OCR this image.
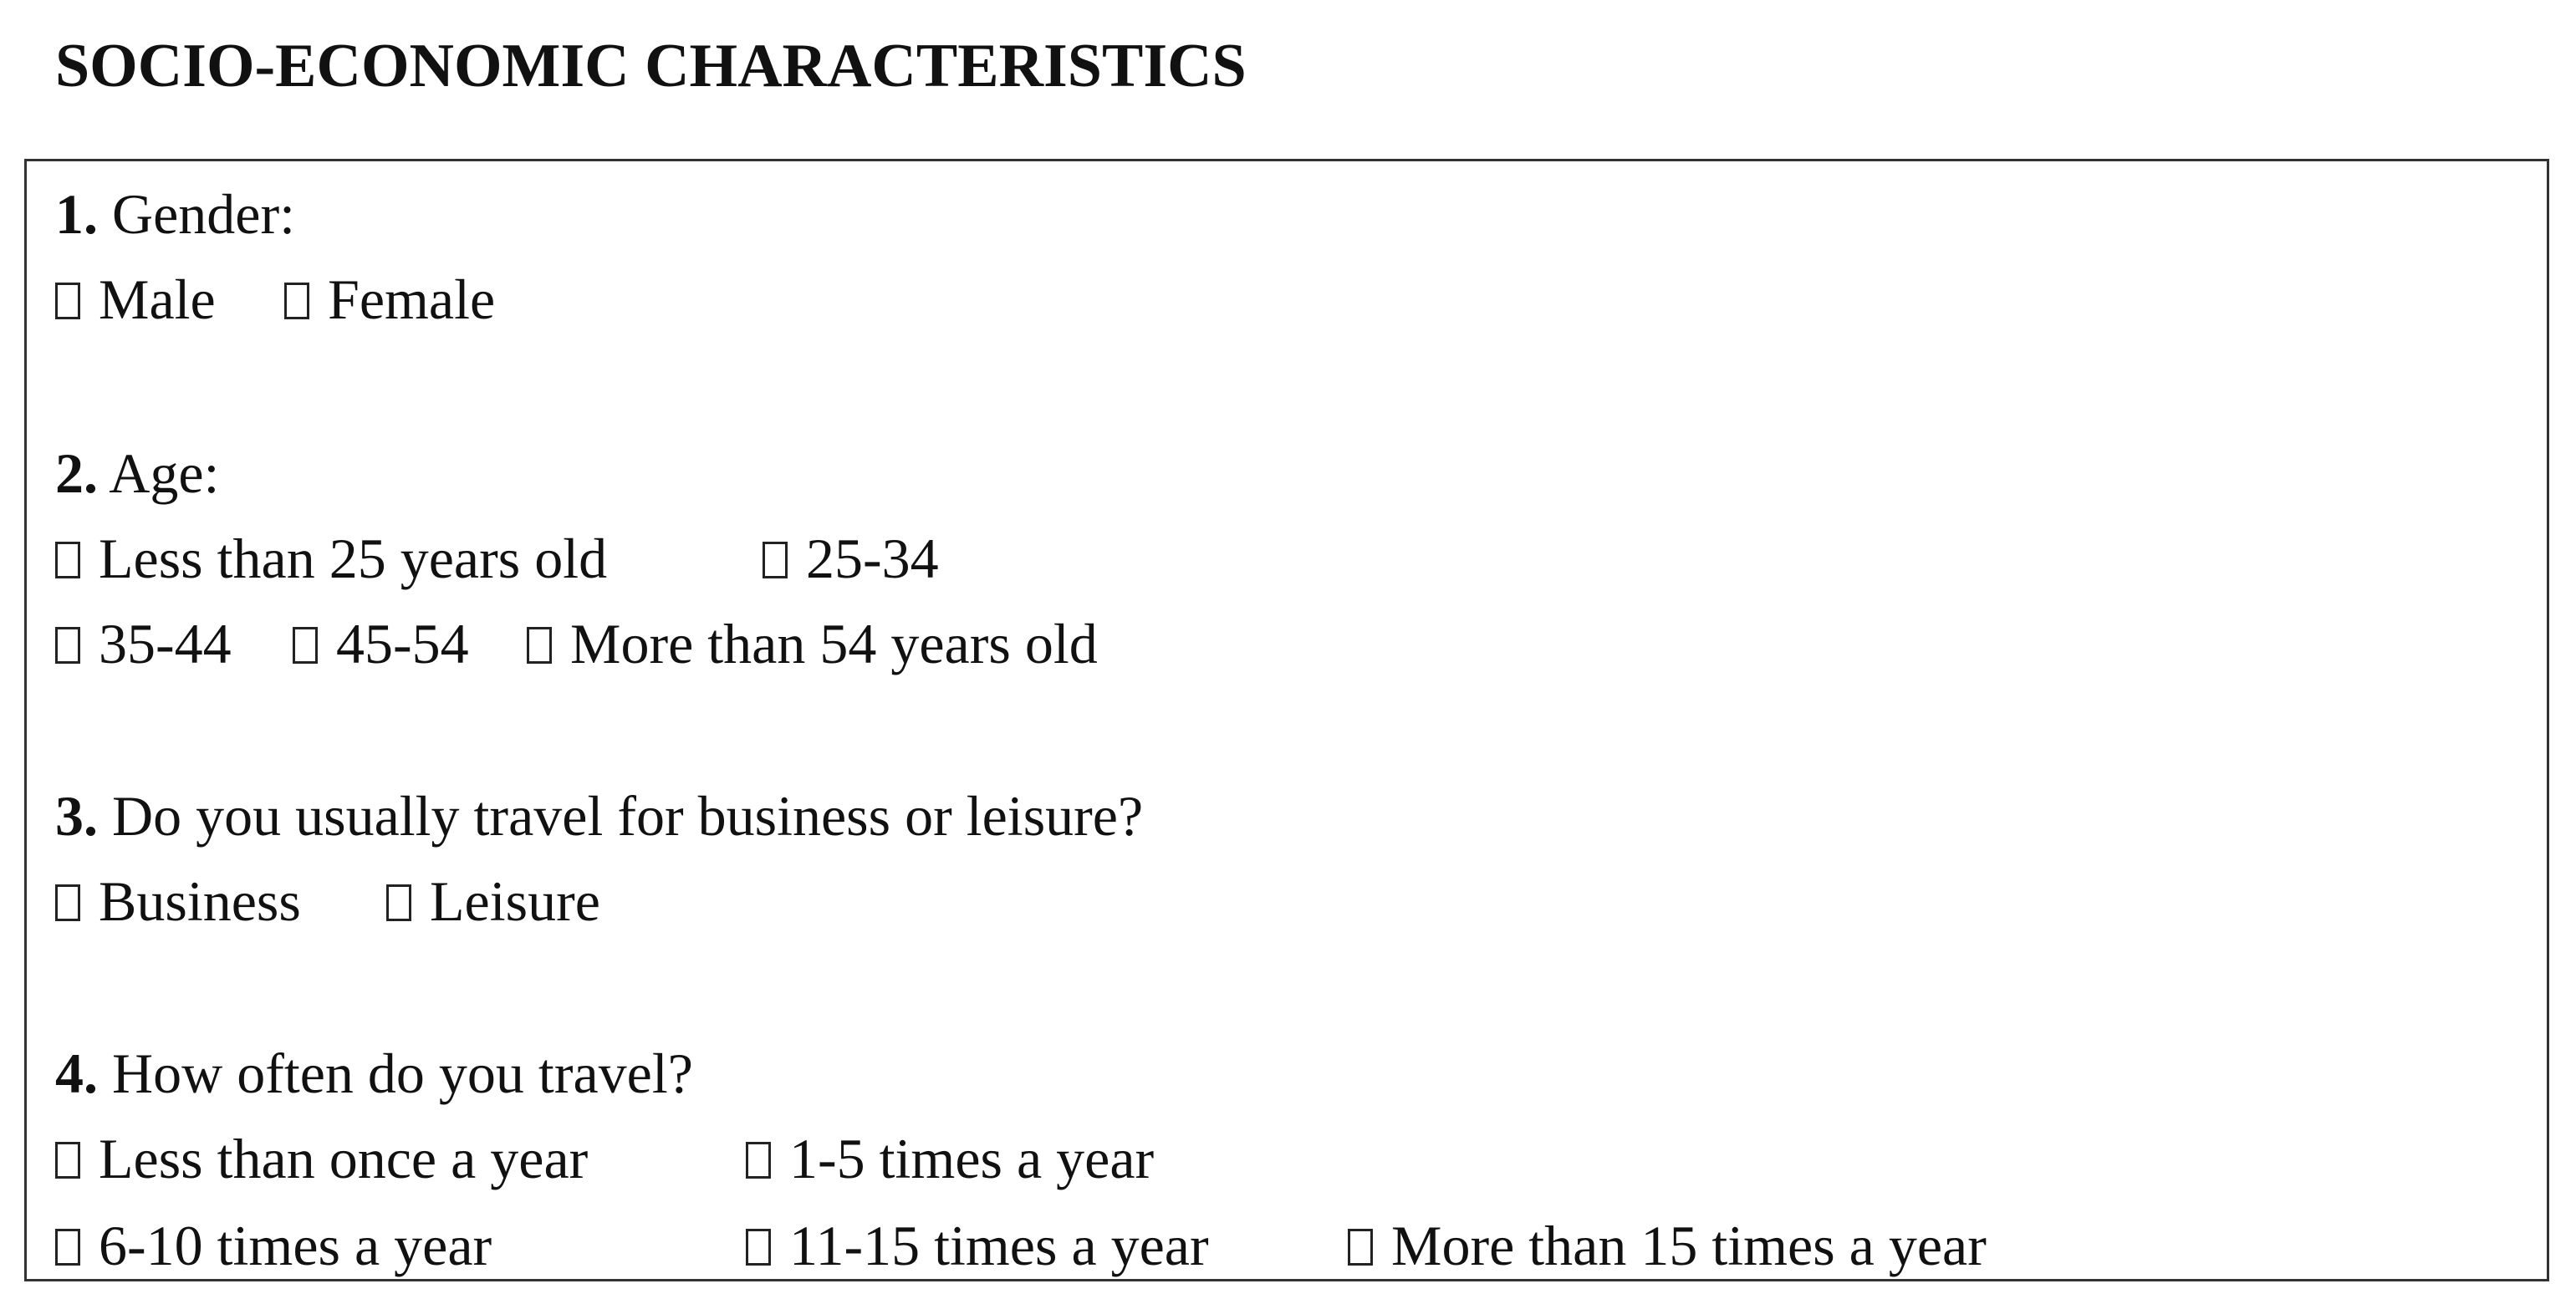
SOCIO-ECONOMIC CHARACTERISTICS
1. Gender:
Male Female
2. Age:
Less than 25 years old	25-34
35-44 45-54 More than 54 years old
3. Do you usually travel for business or leisure?
Business Leisure
4. How often do you travel?
Less than once a year	1-5 times a year
6-10 times a year	11-15 times a year	More than 15 times a year
